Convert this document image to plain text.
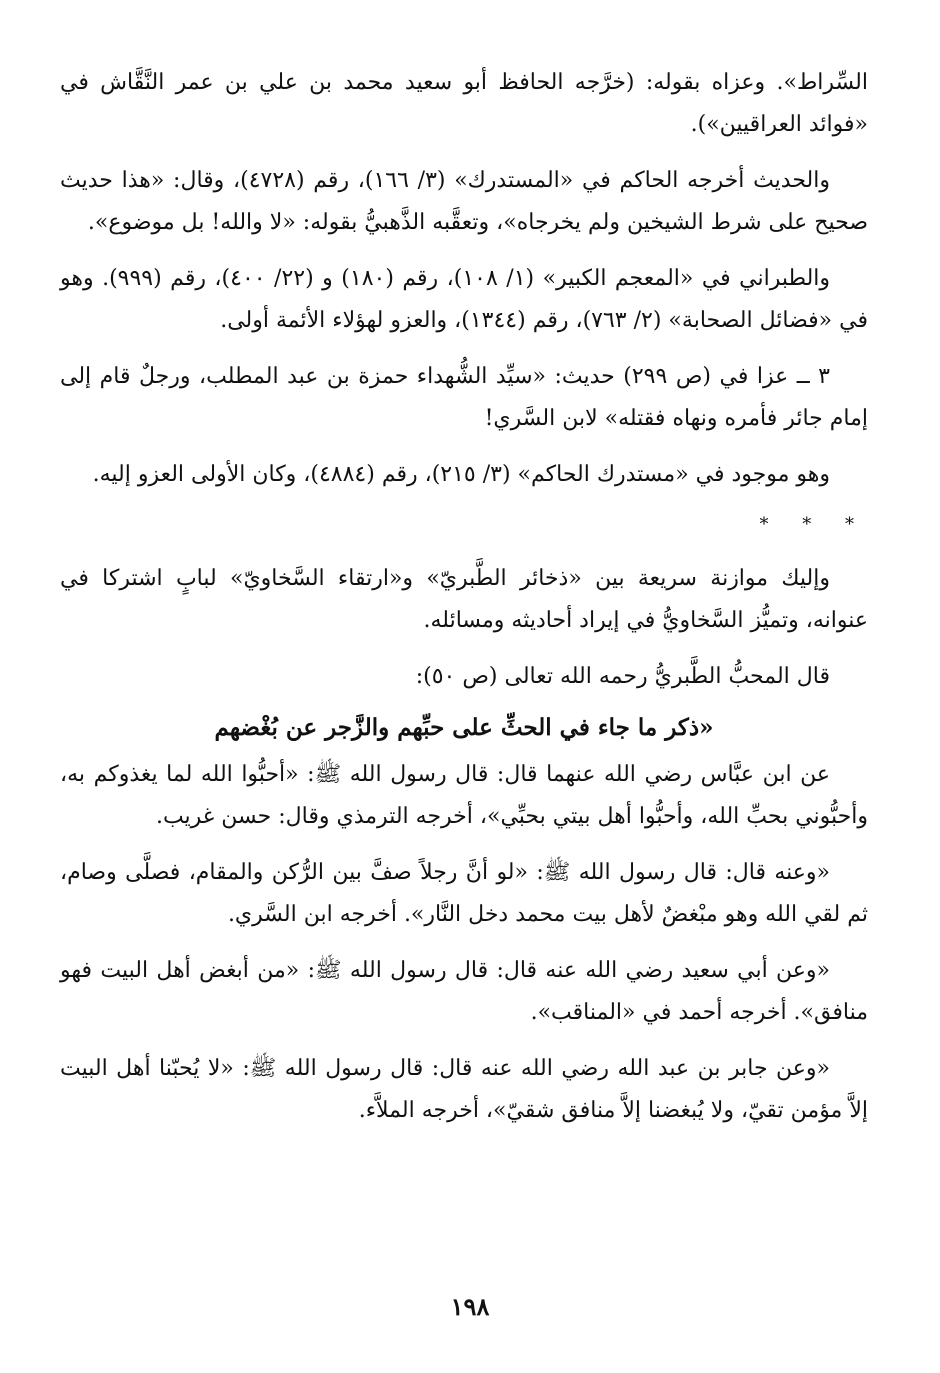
السِّراط». وعزاه بقوله: (خرَّجه الحافظ أبو سعيد محمد بن علي بن عمر النَّقَّاش في «فوائد العراقيين»).

والحديث أخرجه الحاكم في «المستدرك» (٣/ ١٦٦)، رقم (٤٧٢٨)، وقال: «هذا حديث صحيح على شرط الشيخين ولم يخرجاه»، وتعقَّبه الذَّهبيُّ بقوله: «لا والله! بل موضوع».

والطبراني في «المعجم الكبير» (١/ ١٠٨)، رقم (١٨٠) و (٢٢/ ٤٠٠)، رقم (٩٩٩). وهو في «فضائل الصحابة» (٢/ ٧٦٣)، رقم (١٣٤٤)، والعزو لهؤلاء الأئمة أولى.

٣ ــ عزا في (ص ٢٩٩) حديث: «سيِّد الشُّهداء حمزة بن عبد المطلب، ورجلٌ قام إلى إمام جائر فأمره ونهاه فقتله» لابن السَّري!

وهو موجود في «مستدرك الحاكم» (٣/ ٢١٥)، رقم (٤٨٨٤)، وكان الأولى العزو إليه.

* * *

وإليك موازنة سريعة بين «ذخائر الطَّبريّ» و«ارتقاء السَّخاويّ» لبابٍ اشتركا في عنوانه، وتميُّز السَّخاويُّ في إيراد أحاديثه ومسائله.

قال المحبُّ الطَّبريُّ رحمه الله تعالى (ص ٥٠):

«ذكر ما جاء في الحثِّ على حبِّهم والزَّجر عن بُغْضهم

عن ابن عبَّاس رضي الله عنهما قال: قال رسول الله ﷺ: «أحبُّوا الله لما يغذوكم به، وأحبُّوني بحبِّ الله، وأحبُّوا أهل بيتي بحبِّي»، أخرجه الترمذي وقال: حسن غريب.

«وعنه قال: قال رسول الله ﷺ: «لو أنَّ رجلاً صفَّ بين الرُّكن والمقام، فصلَّى وصام، ثم لقي الله وهو مبْغضٌ لأهل بيت محمد دخل النَّار». أخرجه ابن السَّري.

«وعن أبي سعيد رضي الله عنه قال: قال رسول الله ﷺ: «من أبغض أهل البيت فهو منافق». أخرجه أحمد في «المناقب».

«وعن جابر بن عبد الله رضي الله عنه قال: قال رسول الله ﷺ: «لا يُحبّنا أهل البيت إلاَّ مؤمن تقيّ، ولا يُبغضنا إلاَّ منافق شقيّ»، أخرجه الملاَّء.

١٩٨
